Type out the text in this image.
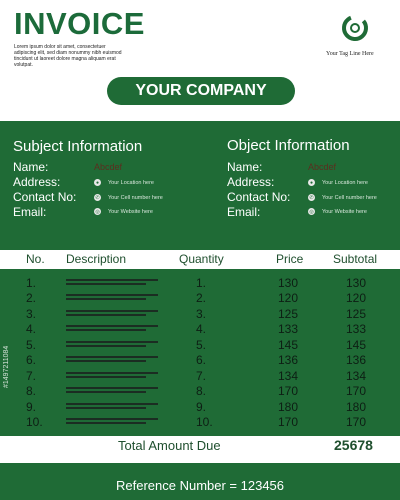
INVOICE
Lorem ipsum dolor sit amet, consectetuer adipiscing elit, sed diam nonummy nibh euismod tincidunt ut laoreet dolore magna aliquam erat volutpat.
Your Tag Line Here
YOUR COMPANY
Subject Information
Name:	Abcdef
Address:	●	Your Location here
Contact No:	✆ Your Cell number here
Email:	◎ Your Website here
Object Information
Name:	Abcdef
Address:	●	Your Location here
Contact No:	✆ Your Cell number here
Email:	◎ Your Website here
No. Description	Quantity	Price Subtotal
1.	1.	130	130
2.	2.	120	120
3.	3.	125	125
4.	4.	133	133
5.	5.	145	145
6.	6.	136	136
7.	7.	134	134
8.	8.	170	170
9.	9.	180	180
10.	10.	170	170
Total Amount Due	25678
Reference Number = 123456
#1497211084
